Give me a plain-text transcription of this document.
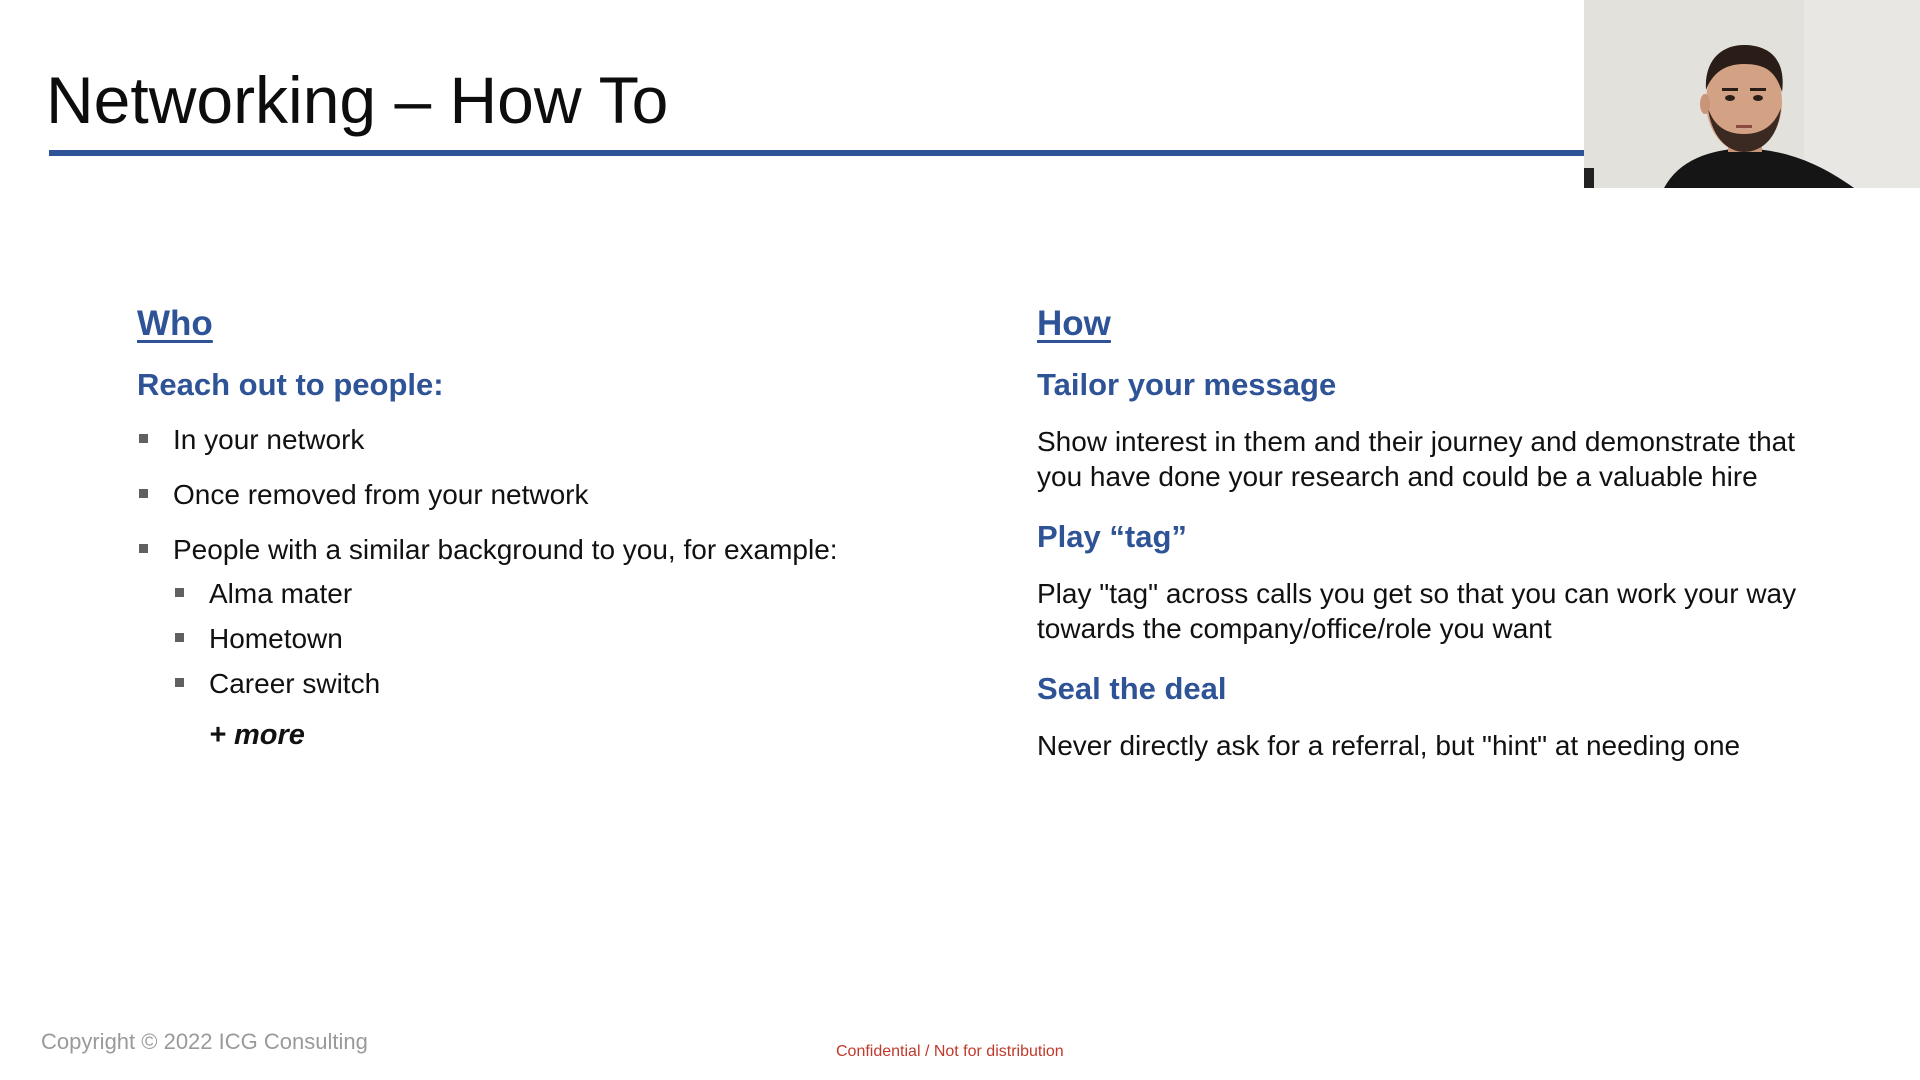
Networking – How To
Who
Reach out to people:
In your network
Once removed from your network
People with a similar background to you, for example:
Alma mater
Hometown
Career switch
+ more
How
Tailor your message
Show interest in them and their journey and demonstrate that you have done your research and could be a valuable hire
Play “tag”
Play "tag" across calls you get so that you can work your way towards the company/office/role you want
Seal the deal
Never directly ask for a referral, but "hint" at needing one
Copyright © 2022 ICG Consulting	Confidential / Not for distribution
